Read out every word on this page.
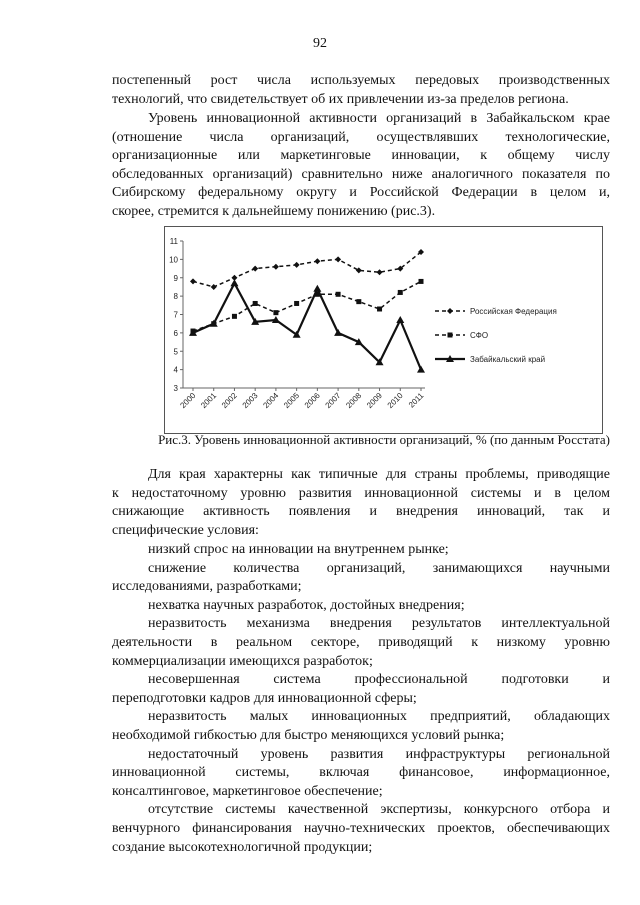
92

постепенный рост числа используемых передовых производственных

технологий, что свидетельствует об их привлечении из-за пределов региона.

Уровень инновационной активности организаций в Забайкальском крае

(отношение числа организаций, осуществлявших технологические,

организационные или маркетинговые инновации, к общему числу

обследованных организаций) сравнительно ниже аналогичного показателя по

Сибирскому федеральному округу и Российской Федерации в целом и,

скорее, стремится к дальнейшему понижению (рис.3).

3
4
5
6
7
8
9
10
11
2000 2001 2002 2003 2004 2005 2006 2007 2008 2009 2010 2011
Российская Федерация
СФО
Забайкальский край
Рис.3. Уровень инновационной активности организаций, % (по данным Росстата)

Для края характерны как типичные для страны проблемы, приводящие

к недостаточному уровню развития инновационной системы и в целом

снижающие активность появления и внедрения инноваций, так и

специфические условия:

низкий спрос на инновации на внутреннем рынке;

снижение количества организаций, занимающихся научными

исследованиями, разработками;

нехватка научных разработок, достойных внедрения;

неразвитость механизма внедрения результатов интеллектуальной

деятельности в реальном секторе, приводящий к низкому уровню

коммерциализации имеющихся разработок;

несовершенная система профессиональной подготовки и

переподготовки кадров для инновационной сферы;

неразвитость малых инновационных предприятий, обладающих

необходимой гибкостью для быстро меняющихся условий рынка;

недостаточный уровень развития инфраструктуры региональной

инновационной системы, включая финансовое, информационное,

консалтинговое, маркетинговое обеспечение;

отсутствие системы качественной экспертизы, конкурсного отбора и

венчурного финансирования научно-технических проектов, обеспечивающих

создание высокотехнологичной продукции;
